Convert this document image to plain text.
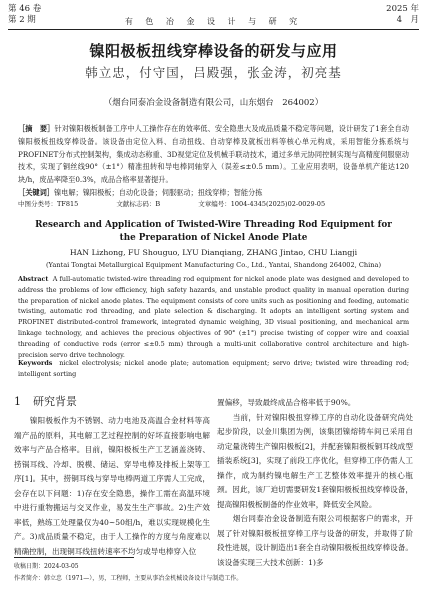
第 46 卷
第 2 期	有 色 冶 金 设 计 与 研 究
2025 年
4　月
镍阳极板扭线穿棒设备的研发与应用
韩立忠，付守国，吕殿强，张金涛，初亮基
（烟台同泰冶金设备制造有限公司，山东烟台　264002）
［摘　要］针对镍阳极板制备工序中人工操作存在的效率低、安全隐患大及成品质量不稳定等问题，设计研发了1套全自动镍阳极板扭线穿棒设备。该设备由定位入料、自动扭线、自动穿棒及就板出料等核心单元构成，采用智能分拣系统与PROFINET分布式控制架构，集成动态称重、3D视觉定位及机械手联动技术，通过多单元协同控制实现与高精度伺服驱动技术，实现了铜丝线90°（±1°）精准扭转和导电棒同轴穿入（误差≤±0.5 mm）。工业应用表明，设备单机产能达120块/h，废品率降至0.3%，成品合格率显著提升。
［关键词］镍电解；镍阳极板；自动化设备；伺服驱动；扭线穿棒；智能分拣
中图分类号：TF815	文献标志码：B	文章编号：1004-4345(2025)02-0029-05
Research and Application of Twisted-Wire Threading Rod Equipment for
the Preparation of Nickel Anode Plate
HAN Lizhong, FU Shouguo, LYU Dianqiang, ZHANG Jintao, CHU Liangji
(Yantai Tongtai Metallurgical Equipment Manufacturing Co., Ltd., Yantai, Shandong 264002, China)
Abstract A full-automatic twisted-wire threading rod equipment for nickel anode plate was designed and developed to address the problems of low efficiency, high safety hazards, and unstable product quality in manual operation during the preparation of nickel anode plates. The equipment consists of core units such as positioning and feeding, automatic twisting, automatic rod threading, and plate selection & discharging. It adopts an intelligent sorting system and PROFINET distributed-control framework, integrated dynamic weighing, 3D visual positioning, and mechanical arm linkage technology, and achieves the precious objectives of 90° (±1°) precise twisting of copper wire and coaxial threading of conductive rods (error ≤±0.5 mm) through a multi-unit collaborative control architecture and high-precision servo drive technology.
Keywords nickel electrolysis; nickel anode plate; automation equipment; servo drive; twisted wire threading rod; intelligent sorting
1 研究背景
　　镍阳极板作为不锈钢、动力电池及高温合金材料等高端产品的原料，其电解工艺过程控制的好坏直接影响电解效率与产品合格率。目前，镍阳极板生产工艺涵盖浇铸、捞锅耳线、冷却、脱模、储运、穿导电棒及排板上架等工序[1]。其中，捞铜耳线与穿导电棒两道工序需人工完成，会存在以下问题：1)存在安全隐患，操作工需在高温环境中进行重物搬运与交叉作业，易发生生产事故。2)生产效率低，熟练工处理量仅为40~50组/h，难以实现规模化生产。3)成品质量不稳定，由于人工操作的方度与角度难以精确控制，出现铜耳线扭转速率不均匀或导电棒穿入位
置偏移，导致最终成品合格率低于90%。
　　当前，针对镍阳极扭穿棒工序的自动化设备研究尚处起步阶段，以金川集团为例，该集团镍熔铸车间已采用自动定量浇铸生产镍阳极板[2]，并配套镍阳极板铜耳线成型插装系统[3]，实现了前段工序优化，但穿棒工序仍需人工操作，成为制约镍电解生产工艺整体效率提升的核心瓶颈。因此，该厂迫切需要研发1套镍阳极板扭线穿棒设备，提高镍阳极板制备的作业效率，降低安全风险。
　　烟台同泰冶金设备制造有限公司根据客户的需求，开展了针对镍阳极板扭穿棒工序与设备的研发，并取得了阶段性进展，设计制造出1套全自动镍阳极板扭线穿棒设备。该设备实现三大技术创新：1)多
收稿日期：2024-03-05
作者简介：韩立忠（1971—），男，工程师，主要从事冶金机械设备设计与制造工作。
